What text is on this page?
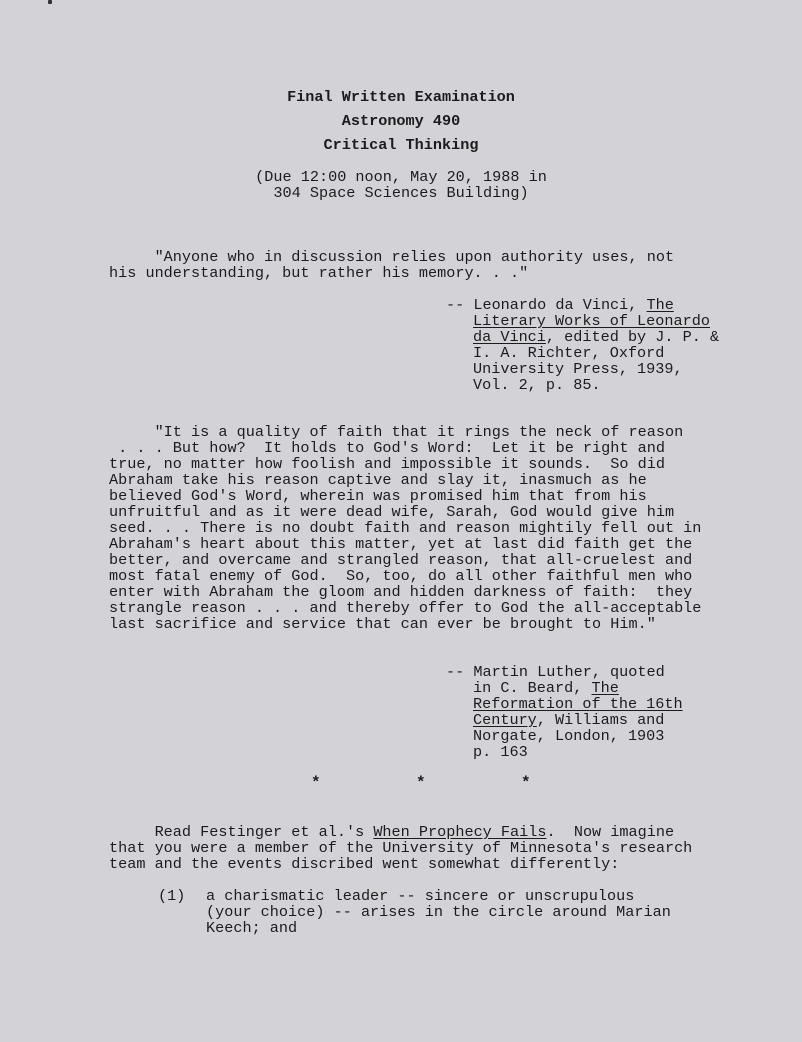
Final Written Examination
Astronomy 490
Critical Thinking
(Due 12:00 noon, May 20, 1988 in
304 Space Sciences Building)
"Anyone who in discussion relies upon authority uses, not
his understanding, but rather his memory. . ."
-- Leonardo da Vinci, The
Literary Works of Leonardo
da Vinci, edited by J. P. &
I. A. Richter, Oxford
University Press, 1939,
Vol. 2, p. 85.
"It is a quality of faith that it rings the neck of reason
. . . But how?  It holds to God's Word:  Let it be right and
true, no matter how foolish and impossible it sounds.  So did
Abraham take his reason captive and slay it, inasmuch as he
believed God's Word, wherein was promised him that from his
unfruitful and as it were dead wife, Sarah, God would give him
seed. . . There is no doubt faith and reason mightily fell out in
Abraham's heart about this matter, yet at last did faith get the
better, and overcame and strangled reason, that all-cruelest and
most fatal enemy of God.  So, too, do all other faithful men who
enter with Abraham the gloom and hidden darkness of faith:  they
strangle reason . . . and thereby offer to God the all-acceptable
last sacrifice and service that can ever be brought to Him."
-- Martin Luther, quoted
in C. Beard, The
Reformation of the 16th
Century, Williams and
Norgate, London, 1903
p. 163
*	*	*
Read Festinger et al.'s When Prophecy Fails.  Now imagine
that you were a member of the University of Minnesota's research
team and the events discribed went somewhat differently:
(1) a charismatic leader -- sincere or unscrupulous
(your choice) -- arises in the circle around Marian
Keech; and
